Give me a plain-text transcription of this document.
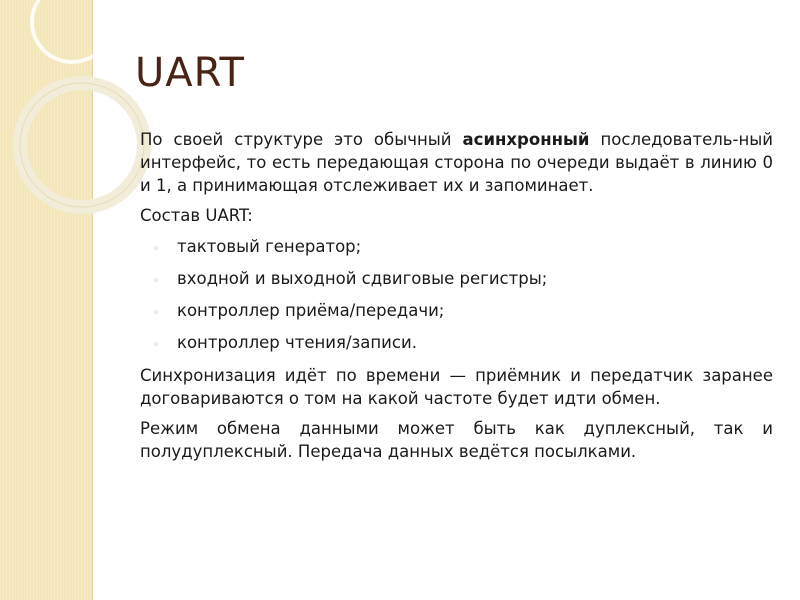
UART

По своей структуре это обычный асинхронный последователь-ный интерфейс, то есть передающая сторона по очереди выдаёт в линию 0 и 1, а принимающая отслеживает их и запоминает.

Состав UART:

◦ тактовый генератор;
◦ входной и выходной сдвиговые регистры;
◦ контроллер приёма/передачи;
◦ контроллер чтения/записи.

Синхронизация идёт по времени — приёмник и передатчик заранее договариваются о том на какой частоте будет идти обмен.

Режим обмена данными может быть как дуплексный, так и полудуплексный. Передача данных ведётся посылками.
